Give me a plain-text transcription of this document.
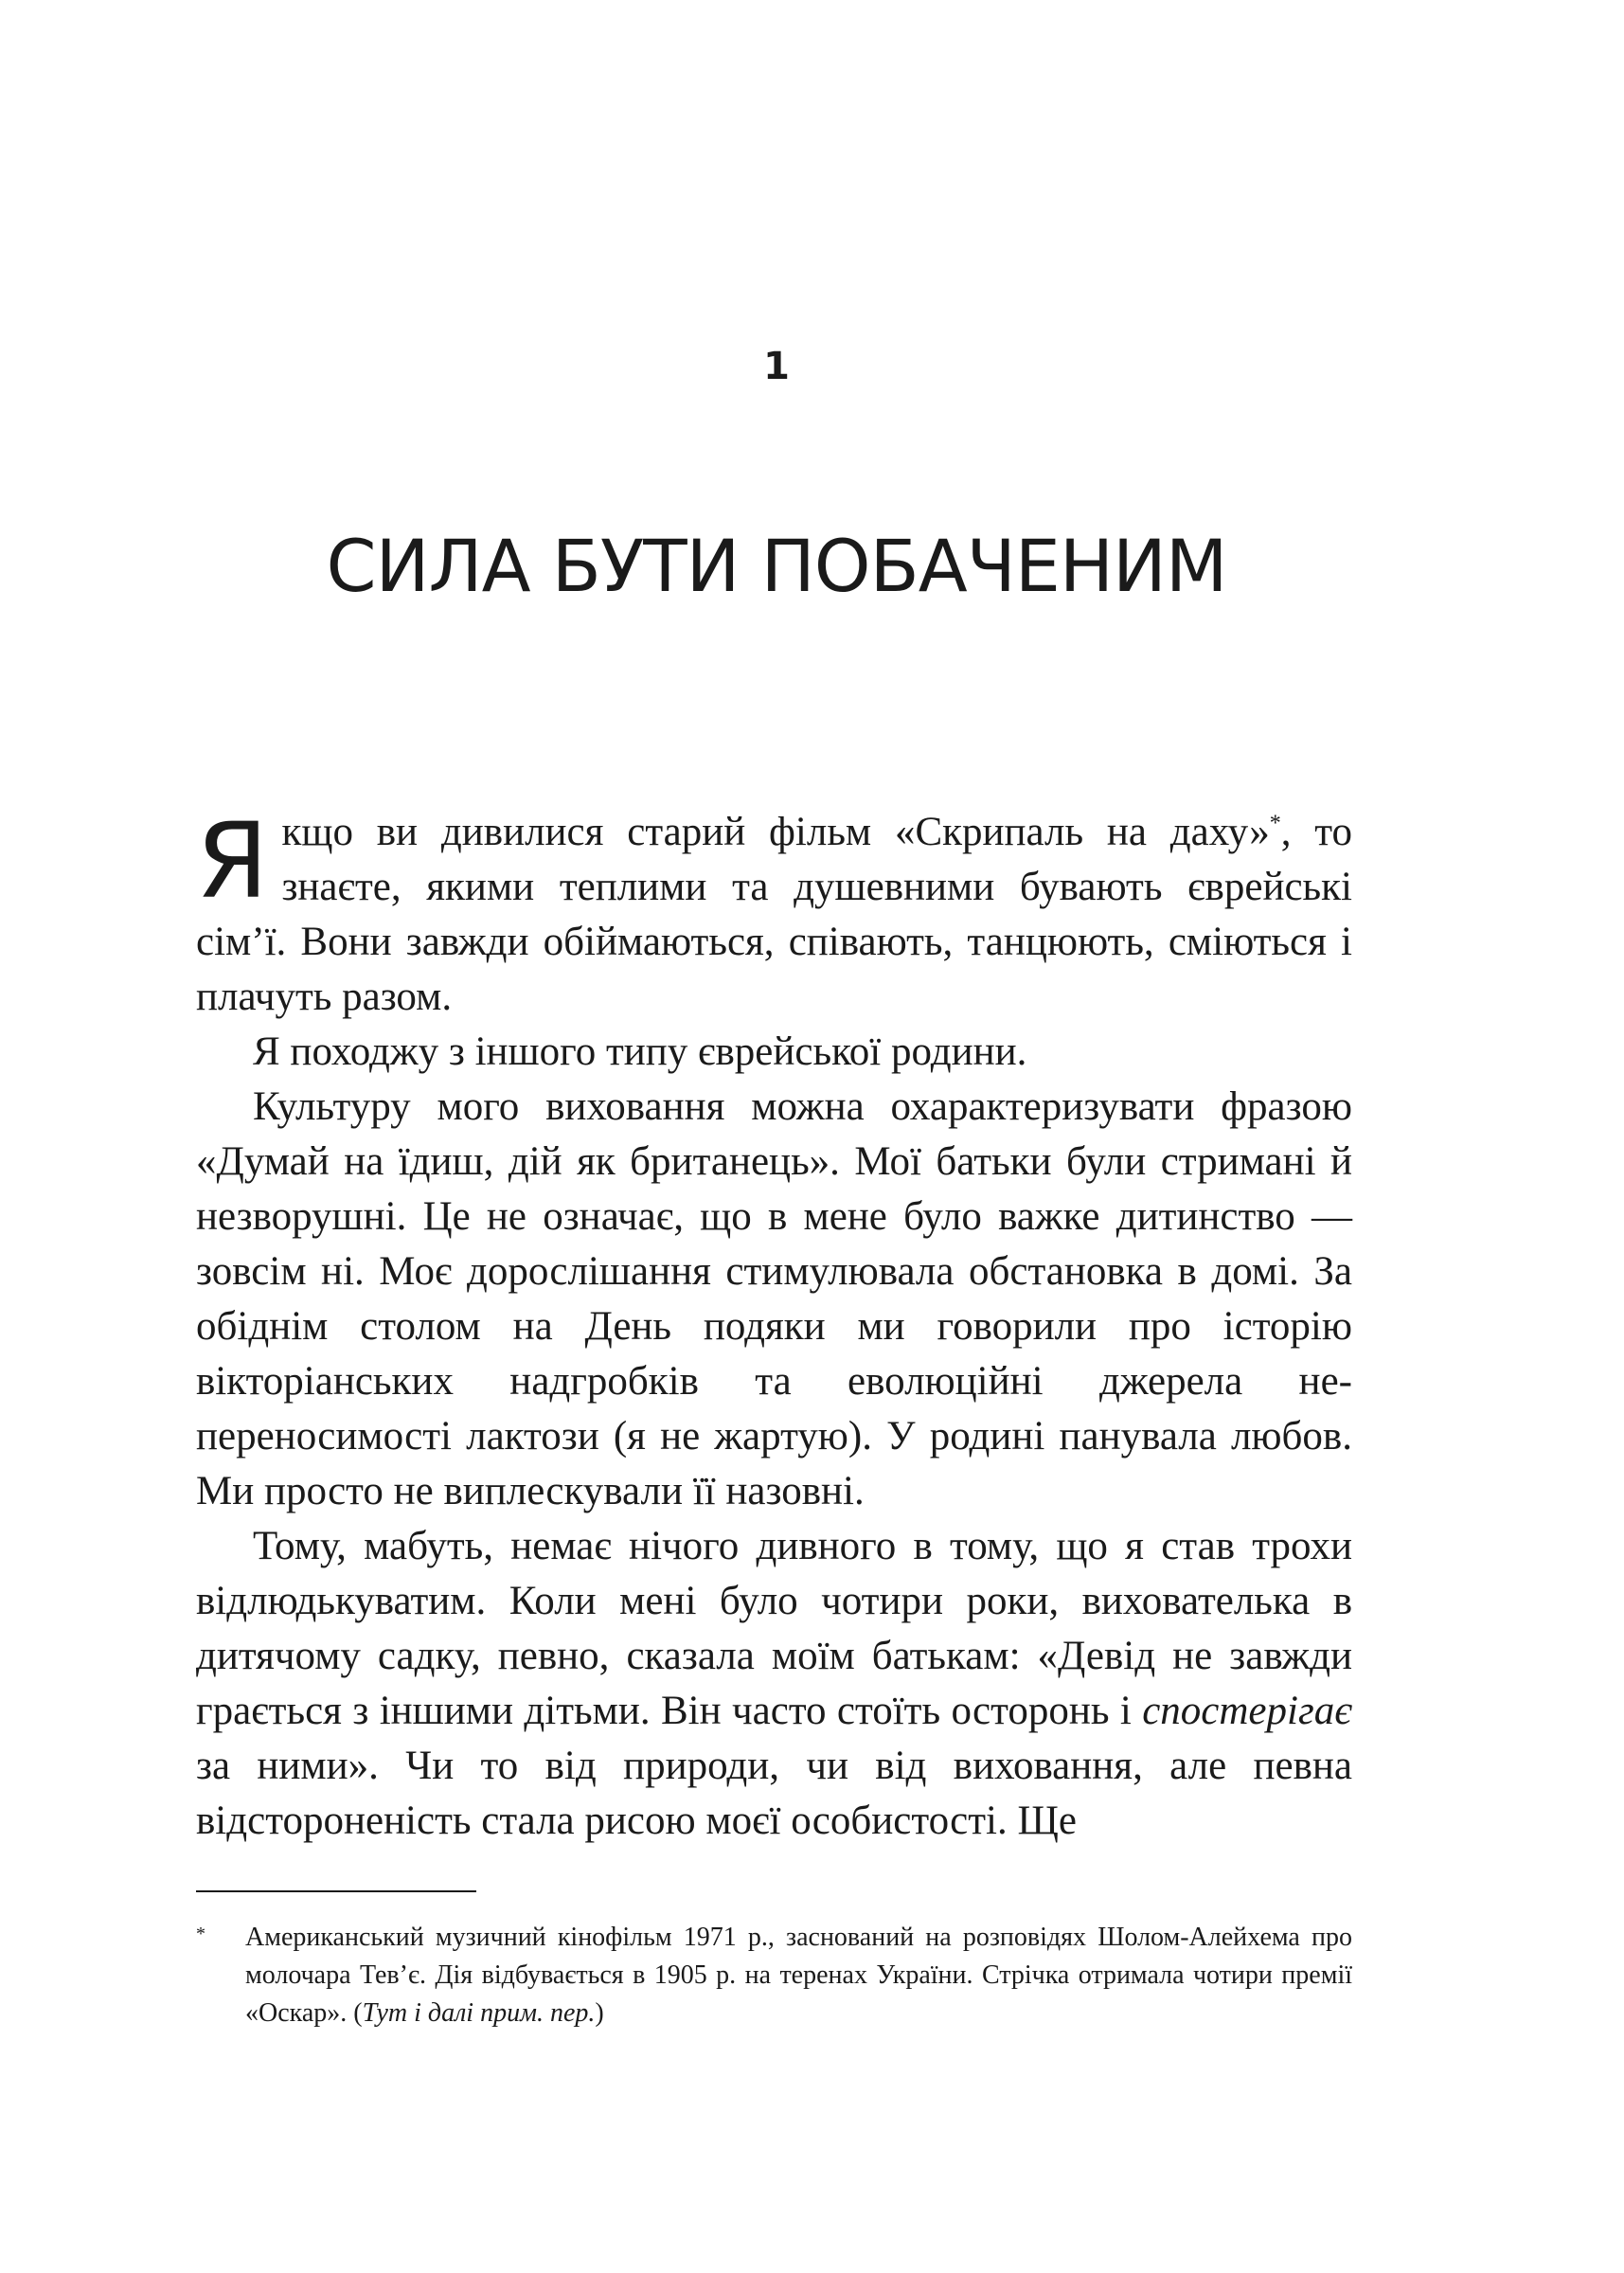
1
СИЛА БУТИ ПОБАЧЕНИМ

Якщо ви дивилися старий фільм «Скрипаль на даху»*, то знаєте, якими теплими та душевними бувають єврейські сім’ї. Вони завжди обіймаються, співають, танцюють, сміються і плачуть разом.

Я походжу з іншого типу єврейської родини.

Культуру мого виховання можна охарактеризувати фразою «Думай на їдиш, дій як британець». Мої батьки були стримані й незворушні. Це не означає, що в мене було важке дитинство — зовсім ні. Моє дорослішання стимулювала обстановка в домі. За обіднім столом на День подяки ми говорили про історію вікторіанських надгробків та еволюційні джерела непереносимості лактози (я не жартую). У родині панувала любов. Ми просто не виплескували її назовні.

Тому, мабуть, немає нічого дивного в тому, що я став трохи відлюдькуватим. Коли мені було чотири роки, вихователька в дитячому садку, певно, сказала моїм батькам: «Девід не завжди грається з іншими дітьми. Він часто стоїть осторонь і спостерігає за ними». Чи то від природи, чи від виховання, але певна відстороненість стала рисою моєї особистості. Ще

* Американський музичний кінофільм 1971 р., заснований на розповідях Шолом-Алейхема про молочара Тев’є. Дія відбувається в 1905 р. на теренах України. Стрічка отримала чотири премії «Оскар». (Тут і далі прим. пер.)
